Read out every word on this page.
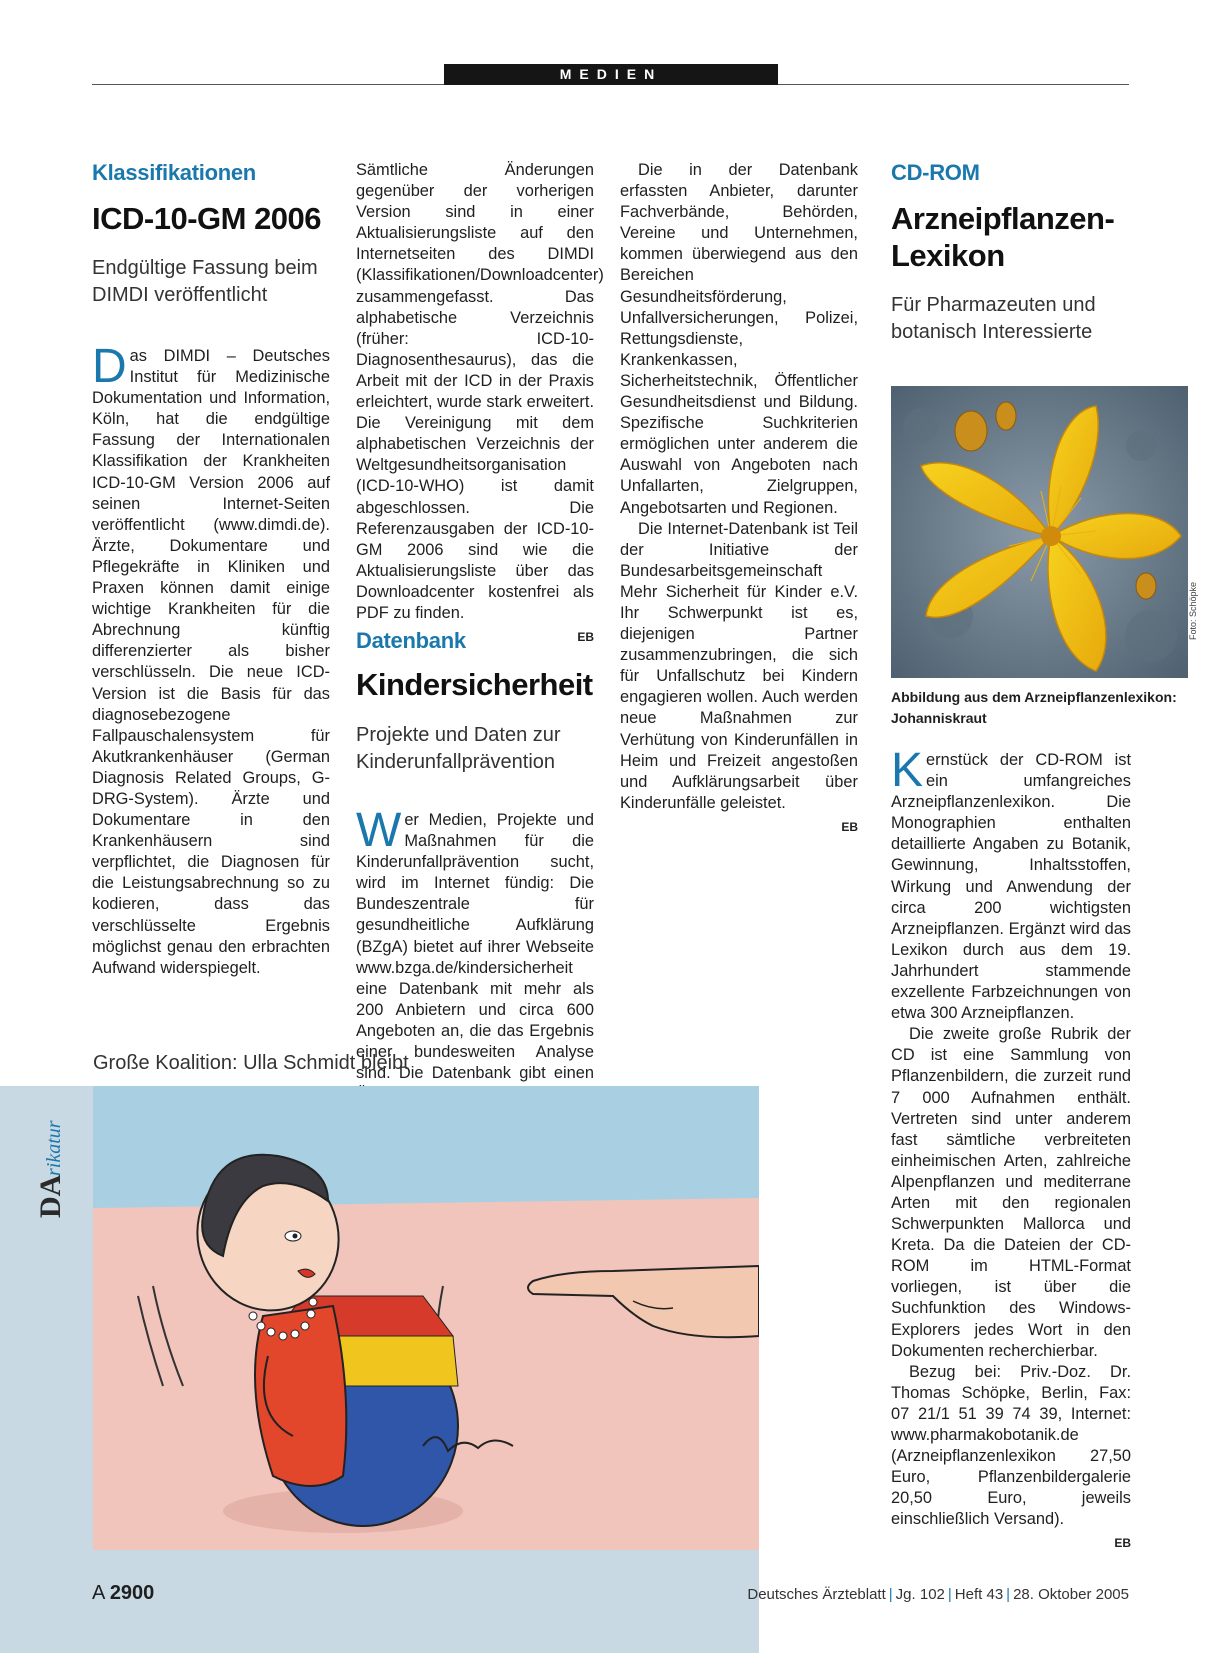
MEDIEN
DA
rikatur
Klassifikationen
ICD-10-GM 2006
Endgültige Fassung beim DIMDI veröffentlicht

Das DIMDI – Deutsches Institut für Medizinische Dokumentation und Information, Köln, hat die endgültige Fassung der Internationalen Klassifikation der Krankheiten ICD-10-GM Version 2006 auf seinen Internet-Seiten veröffentlicht (www.dimdi.de). Ärzte, Dokumentare und Pflegekräfte in Kliniken und Praxen können damit einige wichtige Krankheiten für die Abrechnung künftig differenzierter als bisher verschlüsseln. Die neue ICD-Version ist die Basis für das diagnosebezogene Fallpauschalensystem für Akutkrankenhäuser (German Diagnosis Related Groups, G-DRG-System). Ärzte und Dokumentare in den Krankenhäusern sind verpflichtet, die Diagnosen für die Leistungsabrechnung so zu kodieren, dass das verschlüsselte Ergebnis möglichst genau den erbrachten Aufwand widerspiegelt.

Sämtliche Änderungen gegenüber der vorherigen Version sind in einer Aktualisierungsliste auf den Internetseiten des DIMDI (Klassifikationen/Downloadcenter) zusammengefasst. Das alphabetische Verzeichnis (früher: ICD-10-Diagnosenthesaurus), das die Arbeit mit der ICD in der Praxis erleichtert, wurde stark erweitert. Die Vereinigung mit dem alphabetischen Verzeichnis der Weltgesundheitsorganisation (ICD-10-WHO) ist damit abgeschlossen. Die Referenzausgaben der ICD-10-GM 2006 sind wie die Aktualisierungsliste über das Downloadcenter kostenfrei als PDF zu finden.

EB
Datenbank
Kindersicherheit
Projekte und Daten zur Kinderunfallprävention

Wer Medien, Projekte und Maßnahmen für die Kinderunfallprävention sucht, wird im Internet fündig: Die Bundeszentrale für gesundheitliche Aufklärung (BZgA) bietet auf ihrer Webseite www.bzga.de/kindersicherheit eine Datenbank mit mehr als 200 Anbietern und circa 600 Angeboten an, die das Ergebnis einer bundesweiten Analyse sind. Die Datenbank gibt einen

Die in der Datenbank erfassten Anbieter, darunter Fachverbände, Behörden, Vereine und Unternehmen, kommen überwiegend aus den Bereichen Gesundheitsförderung, Unfallversicherungen, Polizei, Rettungsdienste, Krankenkassen, Sicherheitstechnik, Öffentlicher Gesundheitsdienst und Bildung. Spezifische Suchkriterien ermöglichen unter anderem die Auswahl von Angeboten nach Unfallarten, Zielgruppen, Angebotsarten und Regionen.

Die Internet-Datenbank ist Teil der Initiative der Bundesarbeitsgemeinschaft Mehr Sicherheit für Kinder e.V. Ihr Schwerpunkt ist es, diejenigen Partner zusammenzubringen, die sich für Unfallschutz bei Kindern engagieren wollen. Auch werden neue Maßnahmen zur Verhütung von Kinderunfällen in Heim und Freizeit angestoßen und Aufklärungsarbeit über Kinderunfälle geleistet.

EB
CD-ROM
Arzneipflanzen-Lexikon
Für Pharmazeuten und botanisch Interessierte
Foto: Schöpke
Abbildung aus dem Arzneipflanzenlexikon: Johanniskraut

Kernstück der CD-ROM ist ein umfangreiches Arzneipflanzenlexikon. Die Monographien enthalten detaillierte Angaben zu Botanik, Gewinnung, Inhaltsstoffen, Wirkung und Anwendung der circa 200 wichtigsten Arzneipflanzen. Ergänzt wird das Lexikon durch aus dem 19. Jahrhundert stammende exzellente Farbzeichnungen von etwa 300 Arzneipflanzen.

Die zweite große Rubrik der CD ist eine Sammlung von Pflanzenbildern, die zurzeit rund 7 000 Aufnahmen enthält. Vertreten sind unter anderem fast sämtliche verbreiteten einheimischen Arten, zahlreiche Alpenpflanzen und mediterrane Arten mit den regionalen Schwerpunkten Mallorca und Kreta. Da die Dateien der CD-ROM im HTML-Format vorliegen, ist über die Suchfunktion des Windows-Explorers jedes Wort in den Dokumenten recherchierbar.

Bezug bei: Priv.-Doz. Dr. Thomas Schöpke, Berlin, Fax: 07 21/1 51 39 74 39, Internet: www.pharmakobotanik.de (Arzneipflanzenlexikon 27,50 Euro, Pflanzenbildergalerie 20,50 Euro, jeweils einschließlich Versand).

EB
Große Koalition: Ulla Schmidt bleibt
A 2900	Deutsches Ärzteblatt | Jg. 102 | Heft 43 | 28. Oktober 2005
